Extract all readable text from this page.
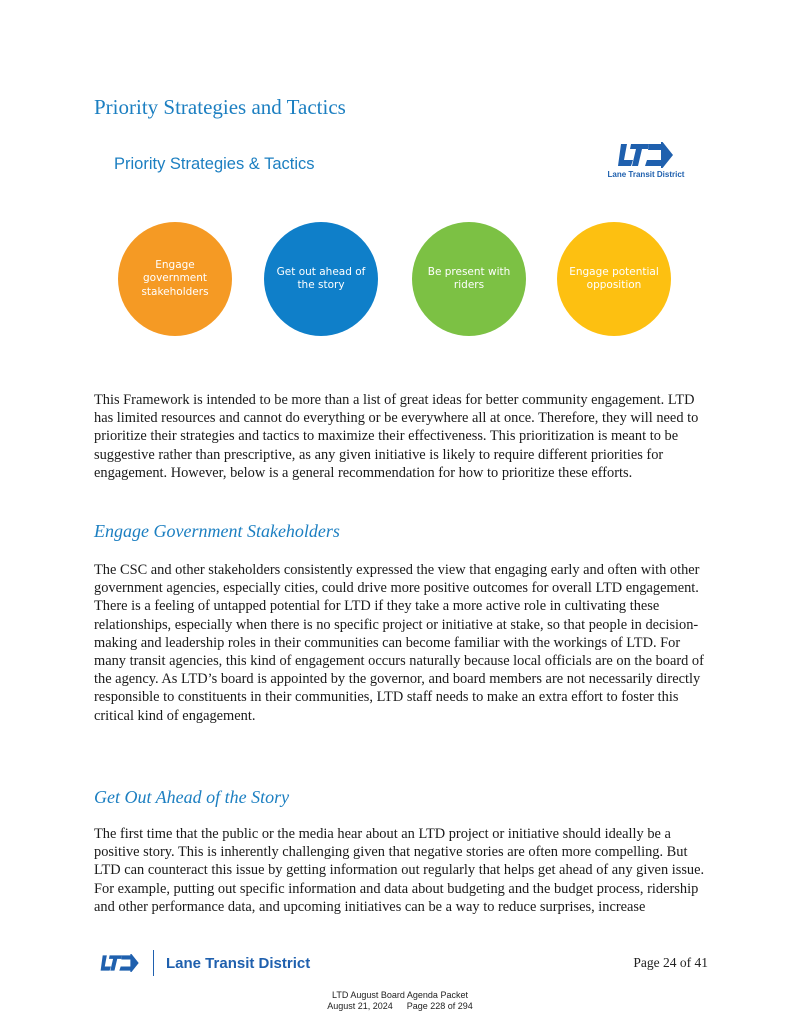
Priority Strategies and Tactics
Priority Strategies & Tactics
Lane Transit District
Engage government stakeholders
Get out ahead of the story
Be present with riders
Engage potential opposition

This Framework is intended to be more than a list of great ideas for better community engagement. LTD has limited resources and cannot do everything or be everywhere all at once. Therefore, they will need to prioritize their strategies and tactics to maximize their effectiveness. This prioritization is meant to be suggestive rather than prescriptive, as any given initiative is likely to require different priorities for engagement. However, below is a general recommendation for how to prioritize these efforts.

Engage Government Stakeholders

The CSC and other stakeholders consistently expressed the view that engaging early and often with other government agencies, especially cities, could drive more positive outcomes for overall LTD engagement. There is a feeling of untapped potential for LTD if they take a more active role in cultivating these relationships, especially when there is no specific project or initiative at stake, so that people in decision-making and leadership roles in their communities can become familiar with the workings of LTD. For many transit agencies, this kind of engagement occurs naturally because local officials are on the board of the agency. As LTD’s board is appointed by the governor, and board members are not necessarily directly responsible to constituents in their communities, LTD staff needs to make an extra effort to foster this critical kind of engagement.

Get Out Ahead of the Story

The first time that the public or the media hear about an LTD project or initiative should ideally be a positive story. This is inherently challenging given that negative stories are often more compelling. But LTD can counteract this issue by getting information out regularly that helps get ahead of any given issue. For example, putting out specific information and data about budgeting and the budget process, ridership and other performance data, and upcoming initiatives can be a way to reduce surprises, increase

Lane Transit District	Page 24 of 41
LTD August Board Agenda Packet
August 21, 2024 Page 228 of 294
